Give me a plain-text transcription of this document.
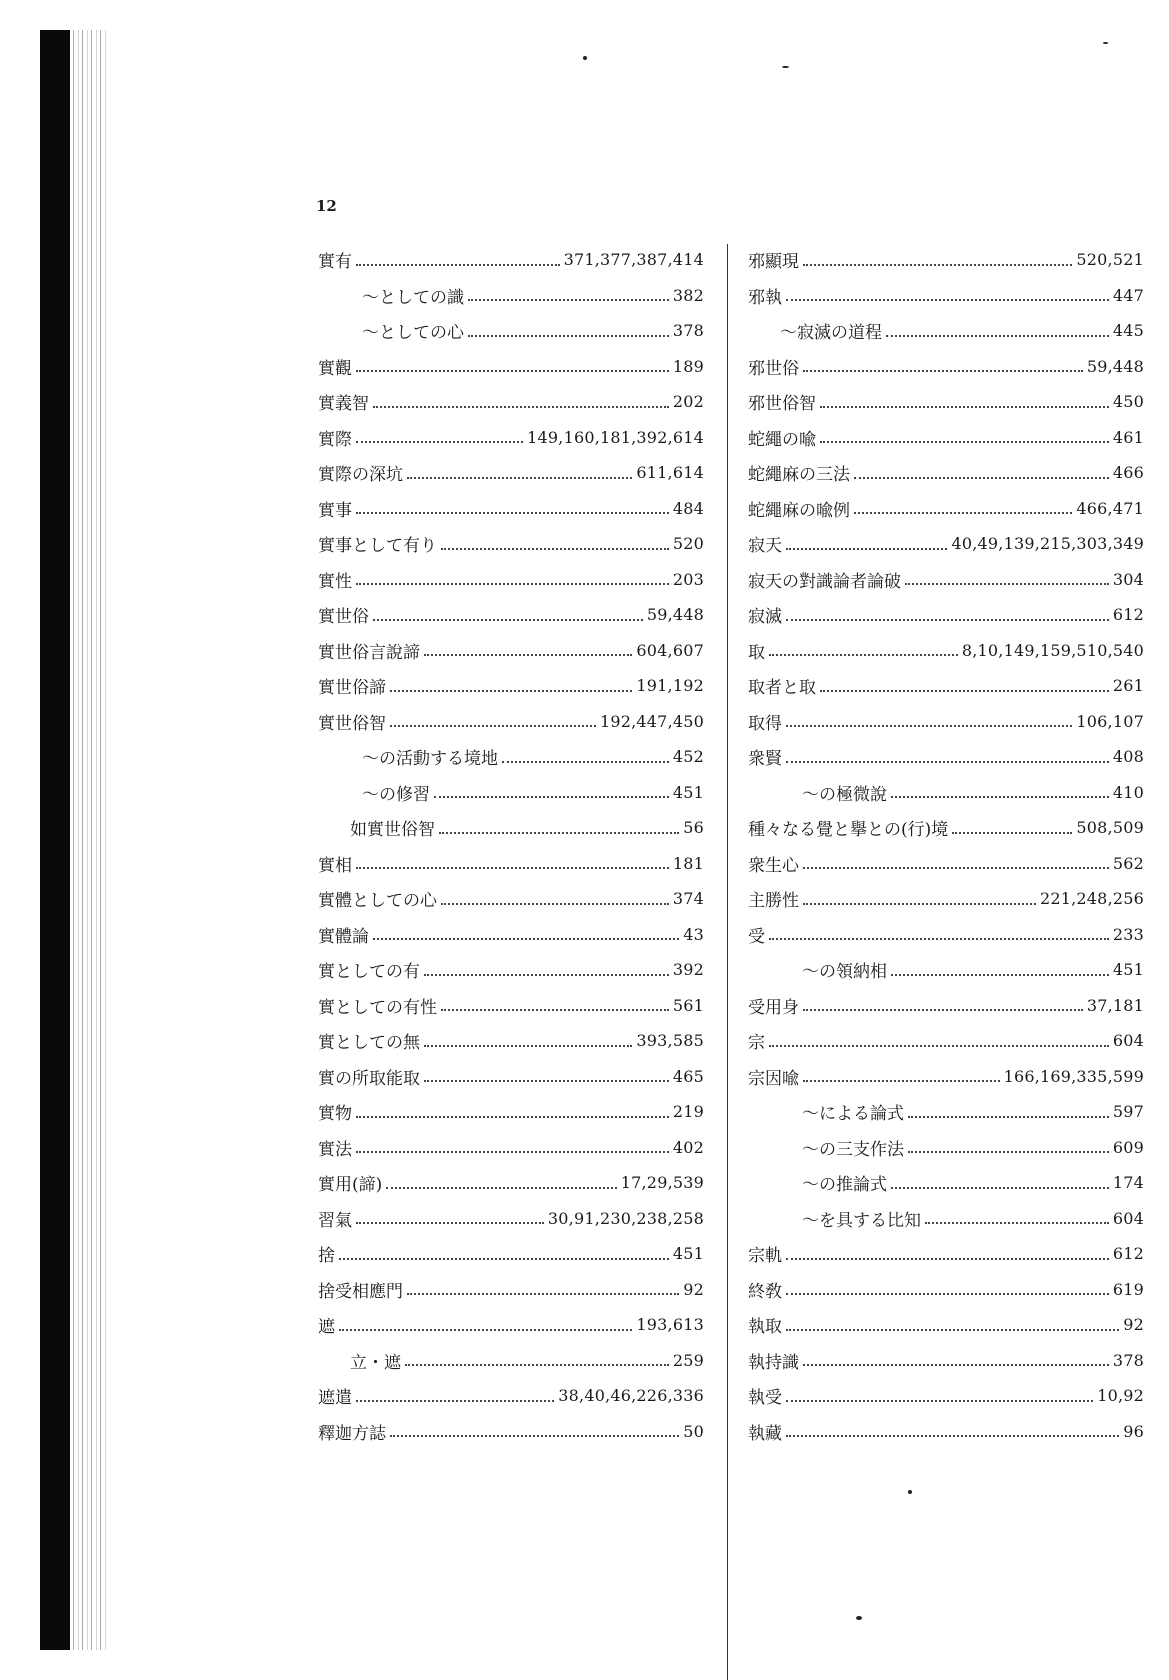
12
實有	371,377,387,414
〜としての識	382
〜としての心	378
實觀	189
實義智	202
實際	149,160,181,392,614
實際の深坑	611,614
實事	484
實事として有り	520
實性	203
實世俗	59,448
實世俗言說諦	604,607
實世俗諦	191,192
實世俗智	192,447,450
〜の活動する境地	452
〜の修習	451
如實世俗智	56
實相	181
實體としての心	374
實體論	43
實としての有	392
實としての有性	561
實としての無	393,585
實の所取能取	465
實物	219
實法	402
實用(諦)	17,29,539
習氣	30,91,230,238,258
捨	451
捨受相應門	92
遮	193,613
立・遮	259
遮遣	38,40,46,226,336
釋迦方誌	50
邪顯現	520,521
邪執	447
〜寂滅の道程	445
邪世俗	59,448
邪世俗智	450
蛇繩の喩	461
蛇繩麻の三法	466
蛇繩麻の喩例	466,471
寂天	40,49,139,215,303,349
寂天の對識論者論破	304
寂滅	612
取	8,10,149,159,510,540
取者と取	261
取得	106,107
衆賢	408
〜の極微說	410
種々なる覺と擧との(行)境	508,509
衆生心	562
主勝性	221,248,256
受	233
〜の領納相	451
受用身	37,181
宗	604
宗因喩	166,169,335,599
〜による論式	597
〜の三支作法	609
〜の推論式	174
〜を具する比知	604
宗軌	612
終敎	619
執取	92
執持識	378
執受	10,92
執藏	96
